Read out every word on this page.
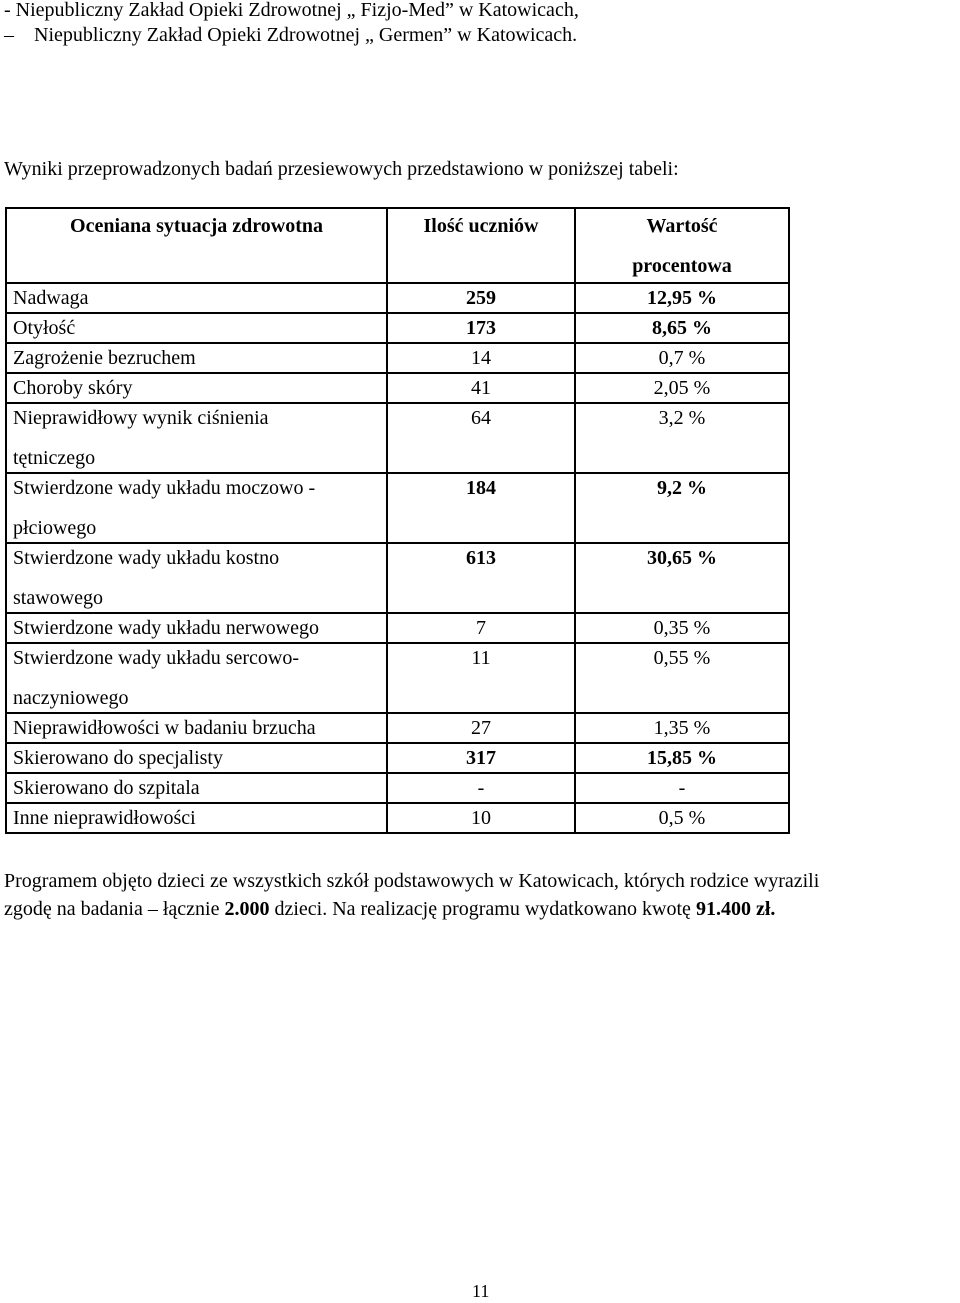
- Niepubliczny Zakład Opieki Zdrowotnej „ Fizjo-Med” w Katowicach,
– Niepubliczny Zakład Opieki Zdrowotnej „ Germen” w Katowicach.
Wyniki przeprowadzonych badań przesiewowych przedstawiono w poniższej tabeli:
Oceniana sytuacja zdrowotna	Ilość uczniów	Wartość
procentowa

Nadwaga	259	12,95 %
Otyłość	173	8,65 %
Zagrożenie bezruchem	14	0,7 %
Choroby skóry	41	2,05 %

Nieprawidłowy wynik ciśnienia
tętniczego	64	3,2 %

Stwierdzone wady układu moczowo -
płciowego	184	9,2 %

Stwierdzone wady układu kostno
stawowego	613	30,65 %
Stwierdzone wady układu nerwowego	7	0,35 %

Stwierdzone wady układu sercowo-
naczyniowego	11	0,55 %
Nieprawidłowości w badaniu brzucha	27	1,35 %
Skierowano do specjalisty	317	15,85 %
Skierowano do szpitala	-	-
Inne nieprawidłowości	10	0,5 %
Programem objęto dzieci ze wszystkich szkół podstawowych w Katowicach, których rodzice wyrazili
zgodę na badania – łącznie 2.000 dzieci. Na realizację programu wydatkowano kwotę 91.400 zł.
11
